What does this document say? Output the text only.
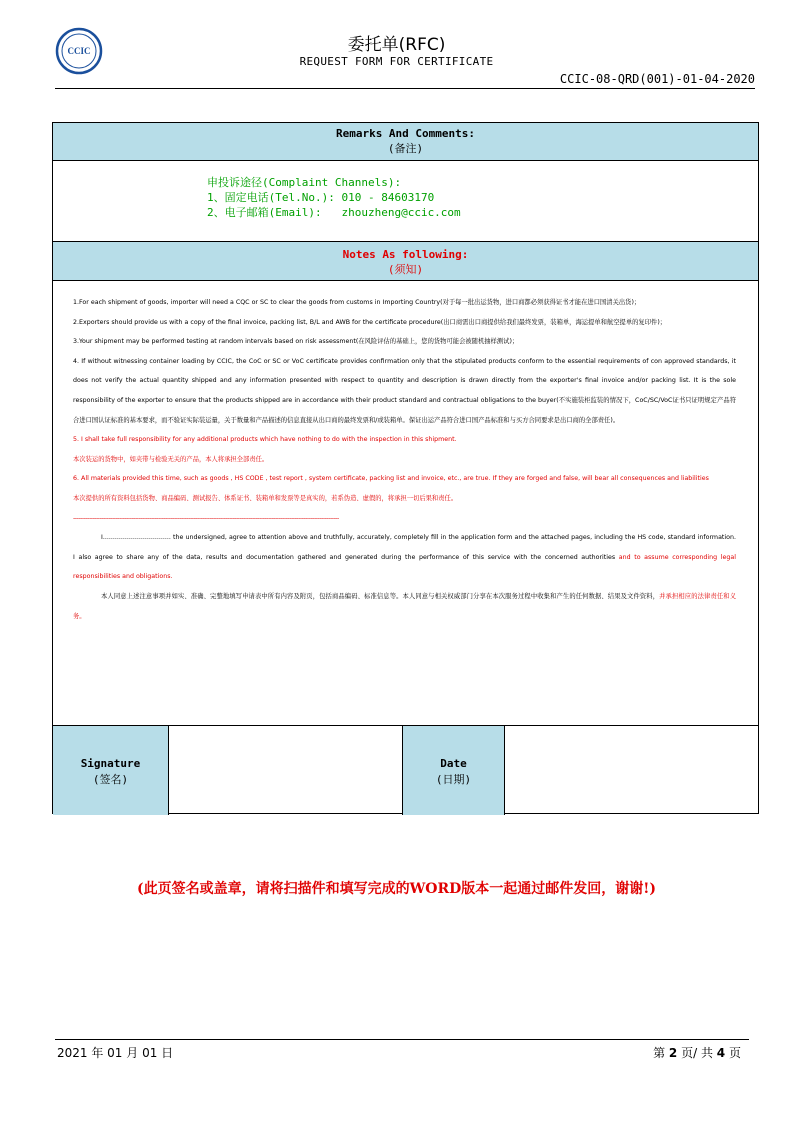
CCIC	委托单(RFC)
REQUEST FORM FOR CERTIFICATE
CCIC-08-QRD(001)-01-04-2020
Remarks And Comments:
(备注)
申投诉途径(Complaint Channels):
1、固定电话(Tel.No.): 010 - 84603170
2、电子邮箱(Email):   zhouzheng@ccic.com
Notes As following:
(须知)

1.For each shipment of goods, importer will need a CQC or SC to clear the goods from customs in Importing Country(对于每一批出运货物，进口商都必须获得证书才能在进口国清关出货)；

2.Exporters should provide us with a copy of the final invoice, packing list, B/L and AWB for the certificate procedure(出口商需出口商提供给我们最终发票，装箱单，海运提单和航空提单的复印件)；

3.Your shipment may be performed testing at random intervals based on risk assessment(在风险评估的基础上，您的货物可能会被随机抽样测试)；

4. If without witnessing container loading by CCIC, the CoC or SC or VoC certificate provides confirmation only that the stipulated products conform to the essential requirements of con approved standards, it does not verify the actual quantity shipped and any information presented with respect to quantity and description is drawn directly from the exporter's final invoice and/or packing list. It is the sole responsibility of the exporter to ensure that the products shipped are in accordance with their product standard and contractual obligations to the buyer(不实施装柜监装的情况下，CoC/SC/VoC证书只证明规定产品符合进口国认证标准的基本要求，而不验证实际装运量，关于数量和产品描述的信息直接从出口商的最终发票和/或装箱单。保证出运产品符合进口国产品标准和与买方合同要求是出口商的全部责任)。

5. I shall take full responsibility for any additional products which have nothing to do with the inspection in this shipment.

本次装运的货物中，如夹带与检验无关的产品，本人将承担全部责任。

6. All materials provided this time, such as goods , HS CODE , test report , system certificate, packing list and invoice, etc., are true. If they are forged and false, will bear all consequences and liabilities

本次提供的所有资料包括货物、商品编码、测试报告、体系证书、装箱单和发票等是真实的，若系伪造、虚假的，将承担一切后果和责任。

------------------------------------------------------------------------------------------------------------------------------------------------------

I.................................. the undersigned, agree to attention above and truthfully, accurately, completely fill in the application form and the attached pages, including the HS code, standard information. I also agree to share any of the data, results and documentation gathered and generated during the performance of this service with the concerned authorities and to assume corresponding legal responsibilities and obligations.

本人同意上述注意事项并如实、准确、完整地填写申请表中所有内容及附页，包括商品编码、标准信息等。本人同意与相关权威部门分享在本次服务过程中收集和产生的任何数据、结果及文件资料，并承担相应的法律责任和义务。

Signature
(签名)
Date
(日期)
(此页签名或盖章，请将扫描件和填写完成的WORD版本一起通过邮件发回，谢谢!)
2021 年 01 月 01 日	第 2 页/ 共 4 页
